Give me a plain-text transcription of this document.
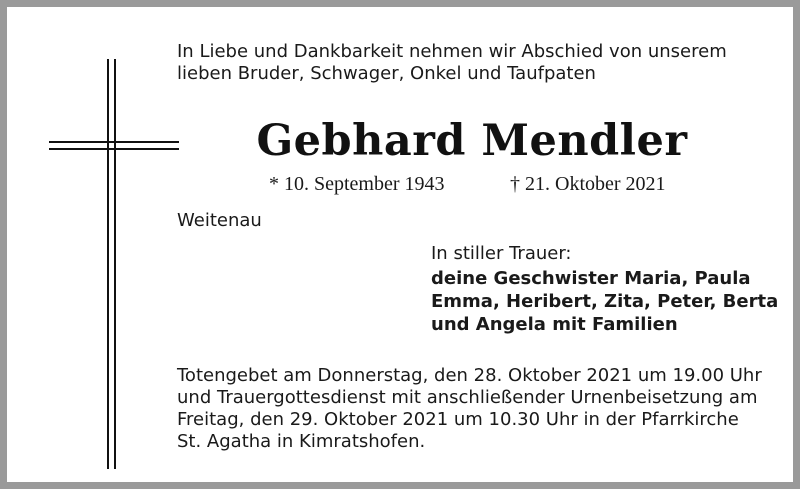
In Liebe und Dankbarkeit nehmen wir Abschied von unserem
lieben Bruder, Schwager, Onkel und Taufpaten
Gebhard Mendler
* 10. September 1943	† 21. Oktober 2021
Weitenau
In stiller Trauer:
deine Geschwister Maria, Paula
Emma, Heribert, Zita, Peter, Berta
und Angela mit Familien
Totengebet am Donnerstag, den 28. Oktober 2021 um 19.00 Uhr
und Trauergottesdienst mit anschließender Urnenbeisetzung am
Freitag, den 29. Oktober 2021 um 10.30 Uhr in der Pfarrkirche
St. Agatha in Kimratshofen.
